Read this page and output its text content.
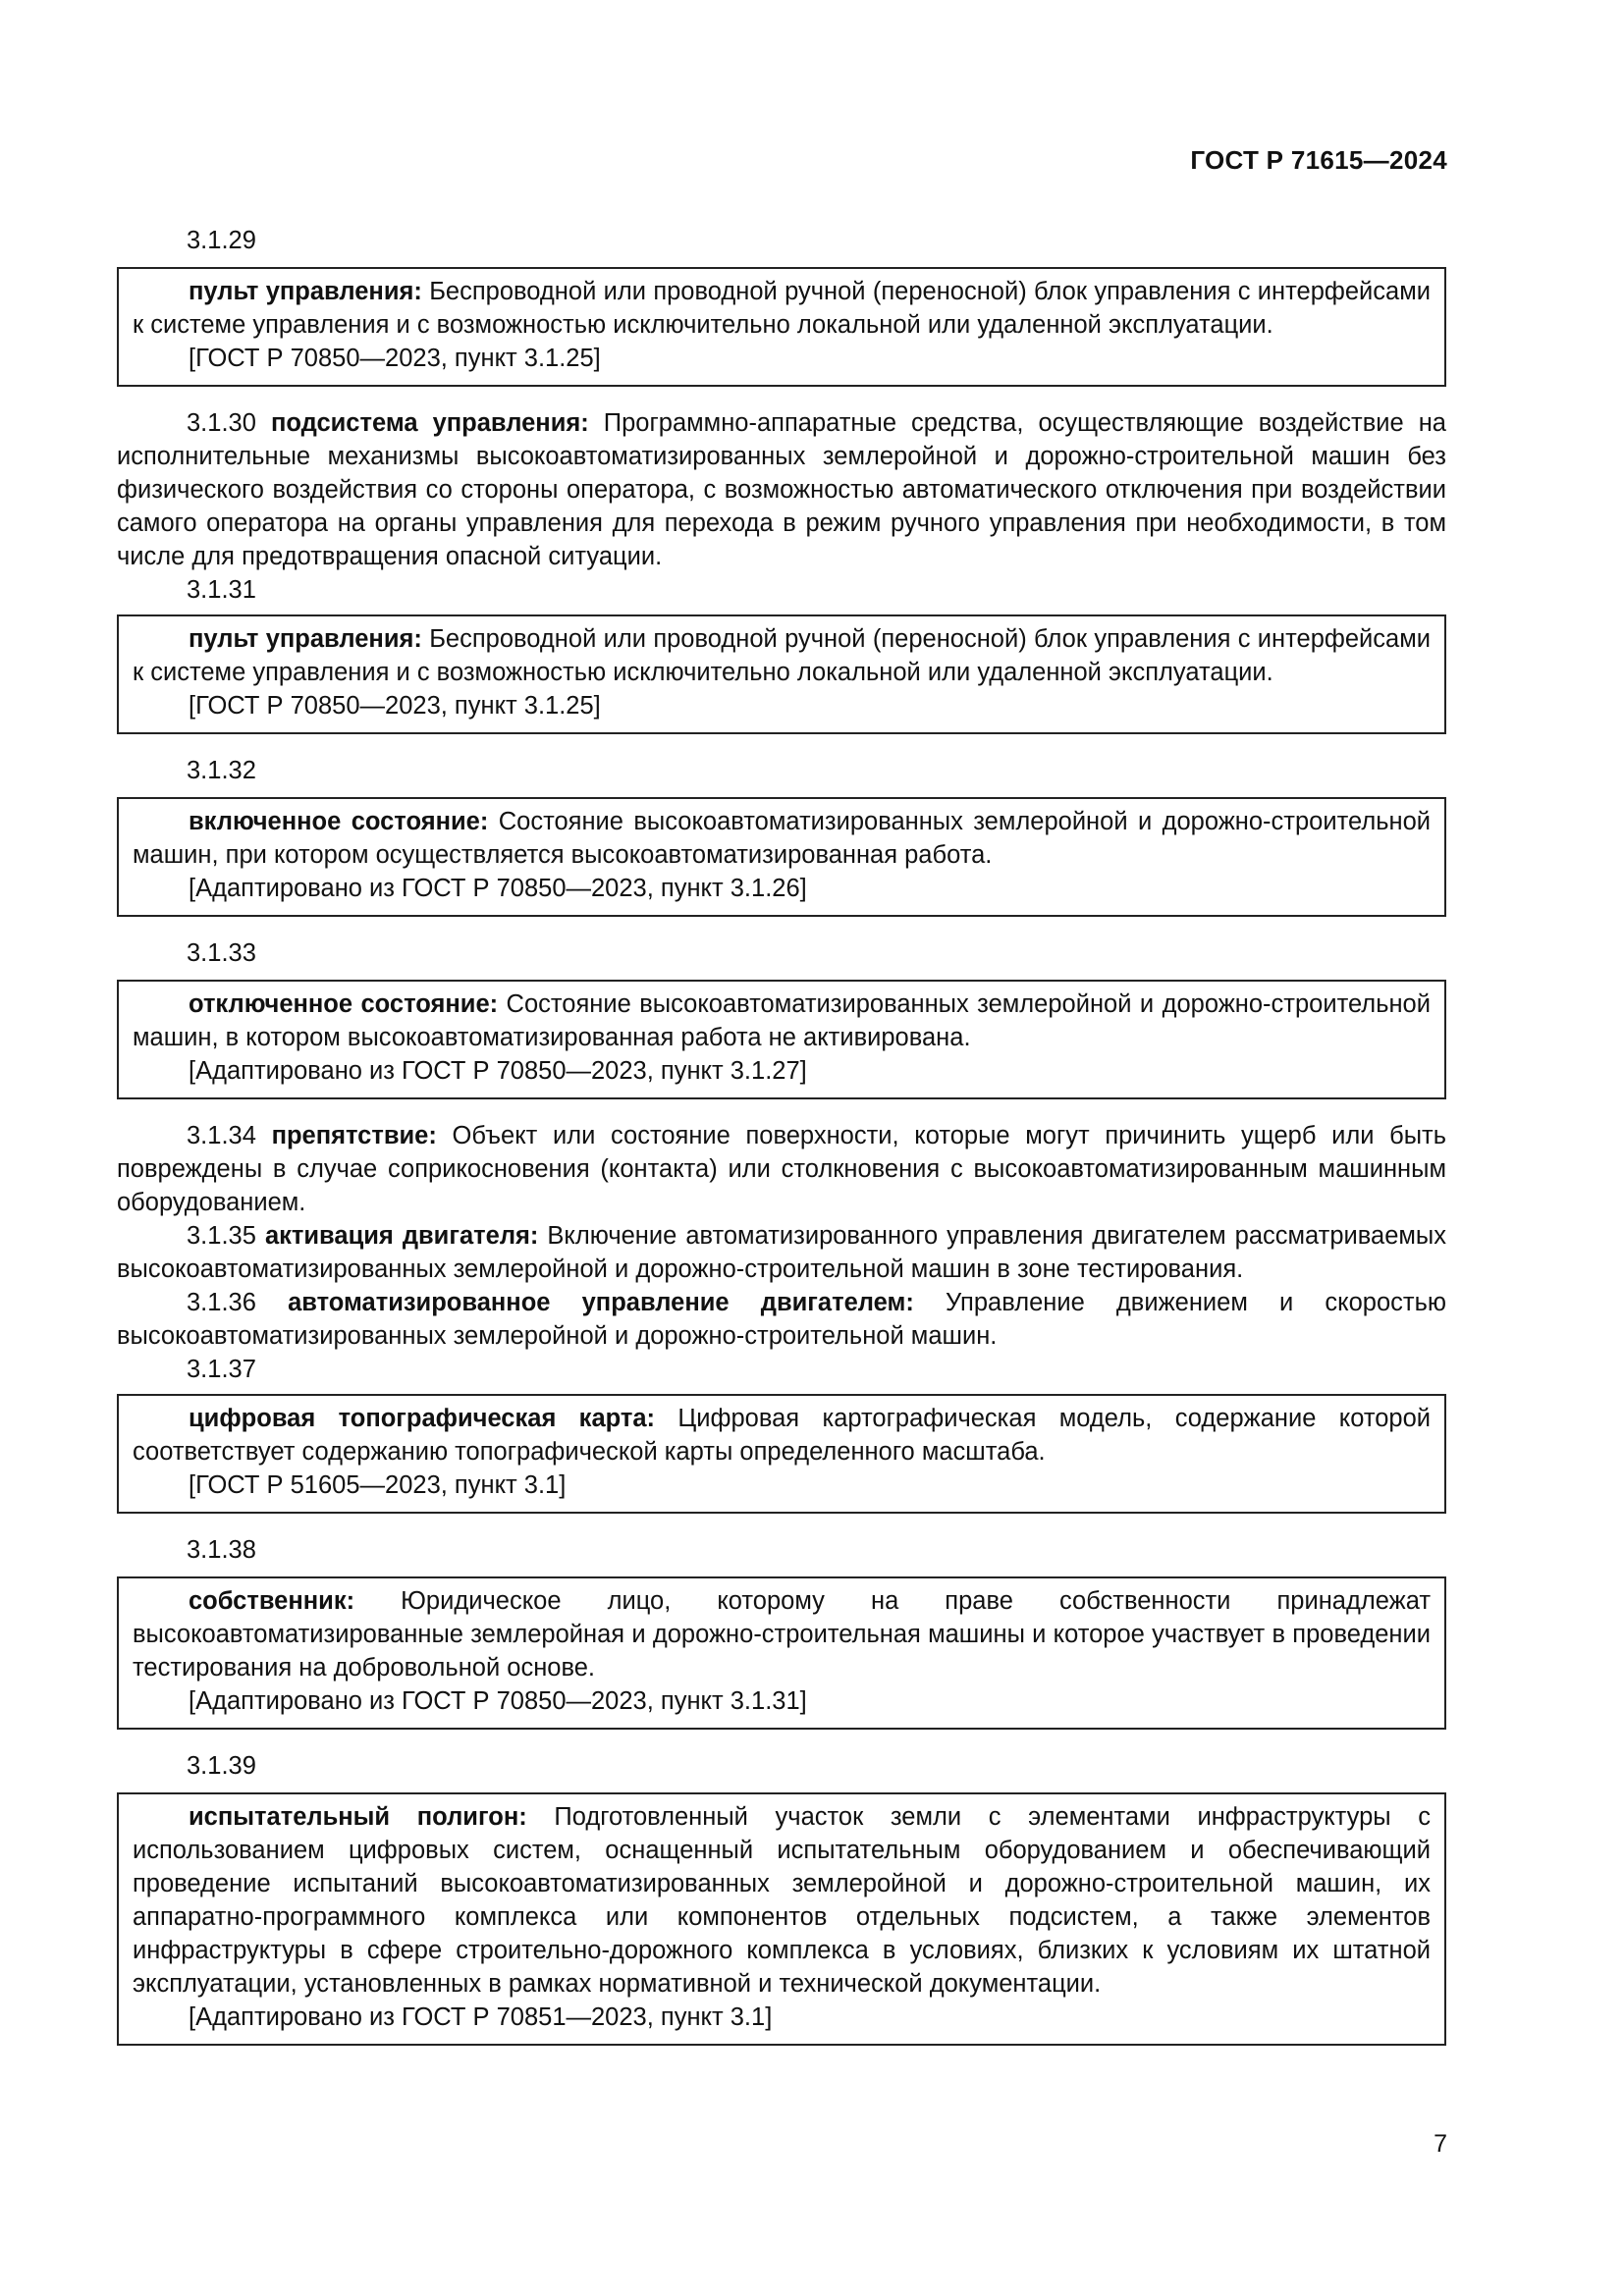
ГОСТ Р 71615—2024
3.1.29

пульт управления: Беспроводной или проводной ручной (переносной) блок управления с интерфейсами к системе управления и с возможностью исключительно локальной или удаленной эксплуатации.

[ГОСТ Р 70850—2023, пункт 3.1.25]

3.1.30 подсистема управления: Программно-аппаратные средства, осуществляющие воздействие на исполнительные механизмы высокоавтоматизированных землеройной и дорожно-строительной машин без физического воздействия со стороны оператора, с возможностью автоматического отключения при воздействии самого оператора на органы управления для перехода в режим ручного управления при необходимости, в том числе для предотвращения опасной ситуации.

3.1.31

пульт управления: Беспроводной или проводной ручной (переносной) блок управления с интерфейсами к системе управления и с возможностью исключительно локальной или удаленной эксплуатации.

[ГОСТ Р 70850—2023, пункт 3.1.25]
3.1.32

включенное состояние: Состояние высокоавтоматизированных землеройной и дорожно-строительной машин, при котором осуществляется высокоавтоматизированная работа.

[Адаптировано из ГОСТ Р 70850—2023, пункт 3.1.26]
3.1.33

отключенное состояние: Состояние высокоавтоматизированных землеройной и дорожно-строительной машин, в котором высокоавтоматизированная работа не активирована.

[Адаптировано из ГОСТ Р 70850—2023, пункт 3.1.27]

3.1.34 препятствие: Объект или состояние поверхности, которые могут причинить ущерб или быть повреждены в случае соприкосновения (контакта) или столкновения с высокоавтоматизированным машинным оборудованием.

3.1.35 активация двигателя: Включение автоматизированного управления двигателем рассматриваемых высокоавтоматизированных землеройной и дорожно-строительной машин в зоне тестирования.

3.1.36 автоматизированное управление двигателем: Управление движением и скоростью высокоавтоматизированных землеройной и дорожно-строительной машин.

3.1.37

цифровая топографическая карта: Цифровая картографическая модель, содержание которой соответствует содержанию топографической карты определенного масштаба.

[ГОСТ Р 51605—2023, пункт 3.1]
3.1.38

собственник: Юридическое лицо, которому на праве собственности принадлежат высокоавтоматизированные землеройная и дорожно-строительная машины и которое участвует в проведении тестирования на добровольной основе.

[Адаптировано из ГОСТ Р 70850—2023, пункт 3.1.31]
3.1.39

испытательный полигон: Подготовленный участок земли с элементами инфраструктуры с использованием цифровых систем, оснащенный испытательным оборудованием и обеспечивающий проведение испытаний высокоавтоматизированных землеройной и дорожно-строительной машин, их аппаратно-программного комплекса или компонентов отдельных подсистем, а также элементов инфраструктуры в сфере строительно-дорожного комплекса в условиях, близких к условиям их штатной эксплуатации, установленных в рамках нормативной и технической документации.

[Адаптировано из ГОСТ Р 70851—2023, пункт 3.1]
7
